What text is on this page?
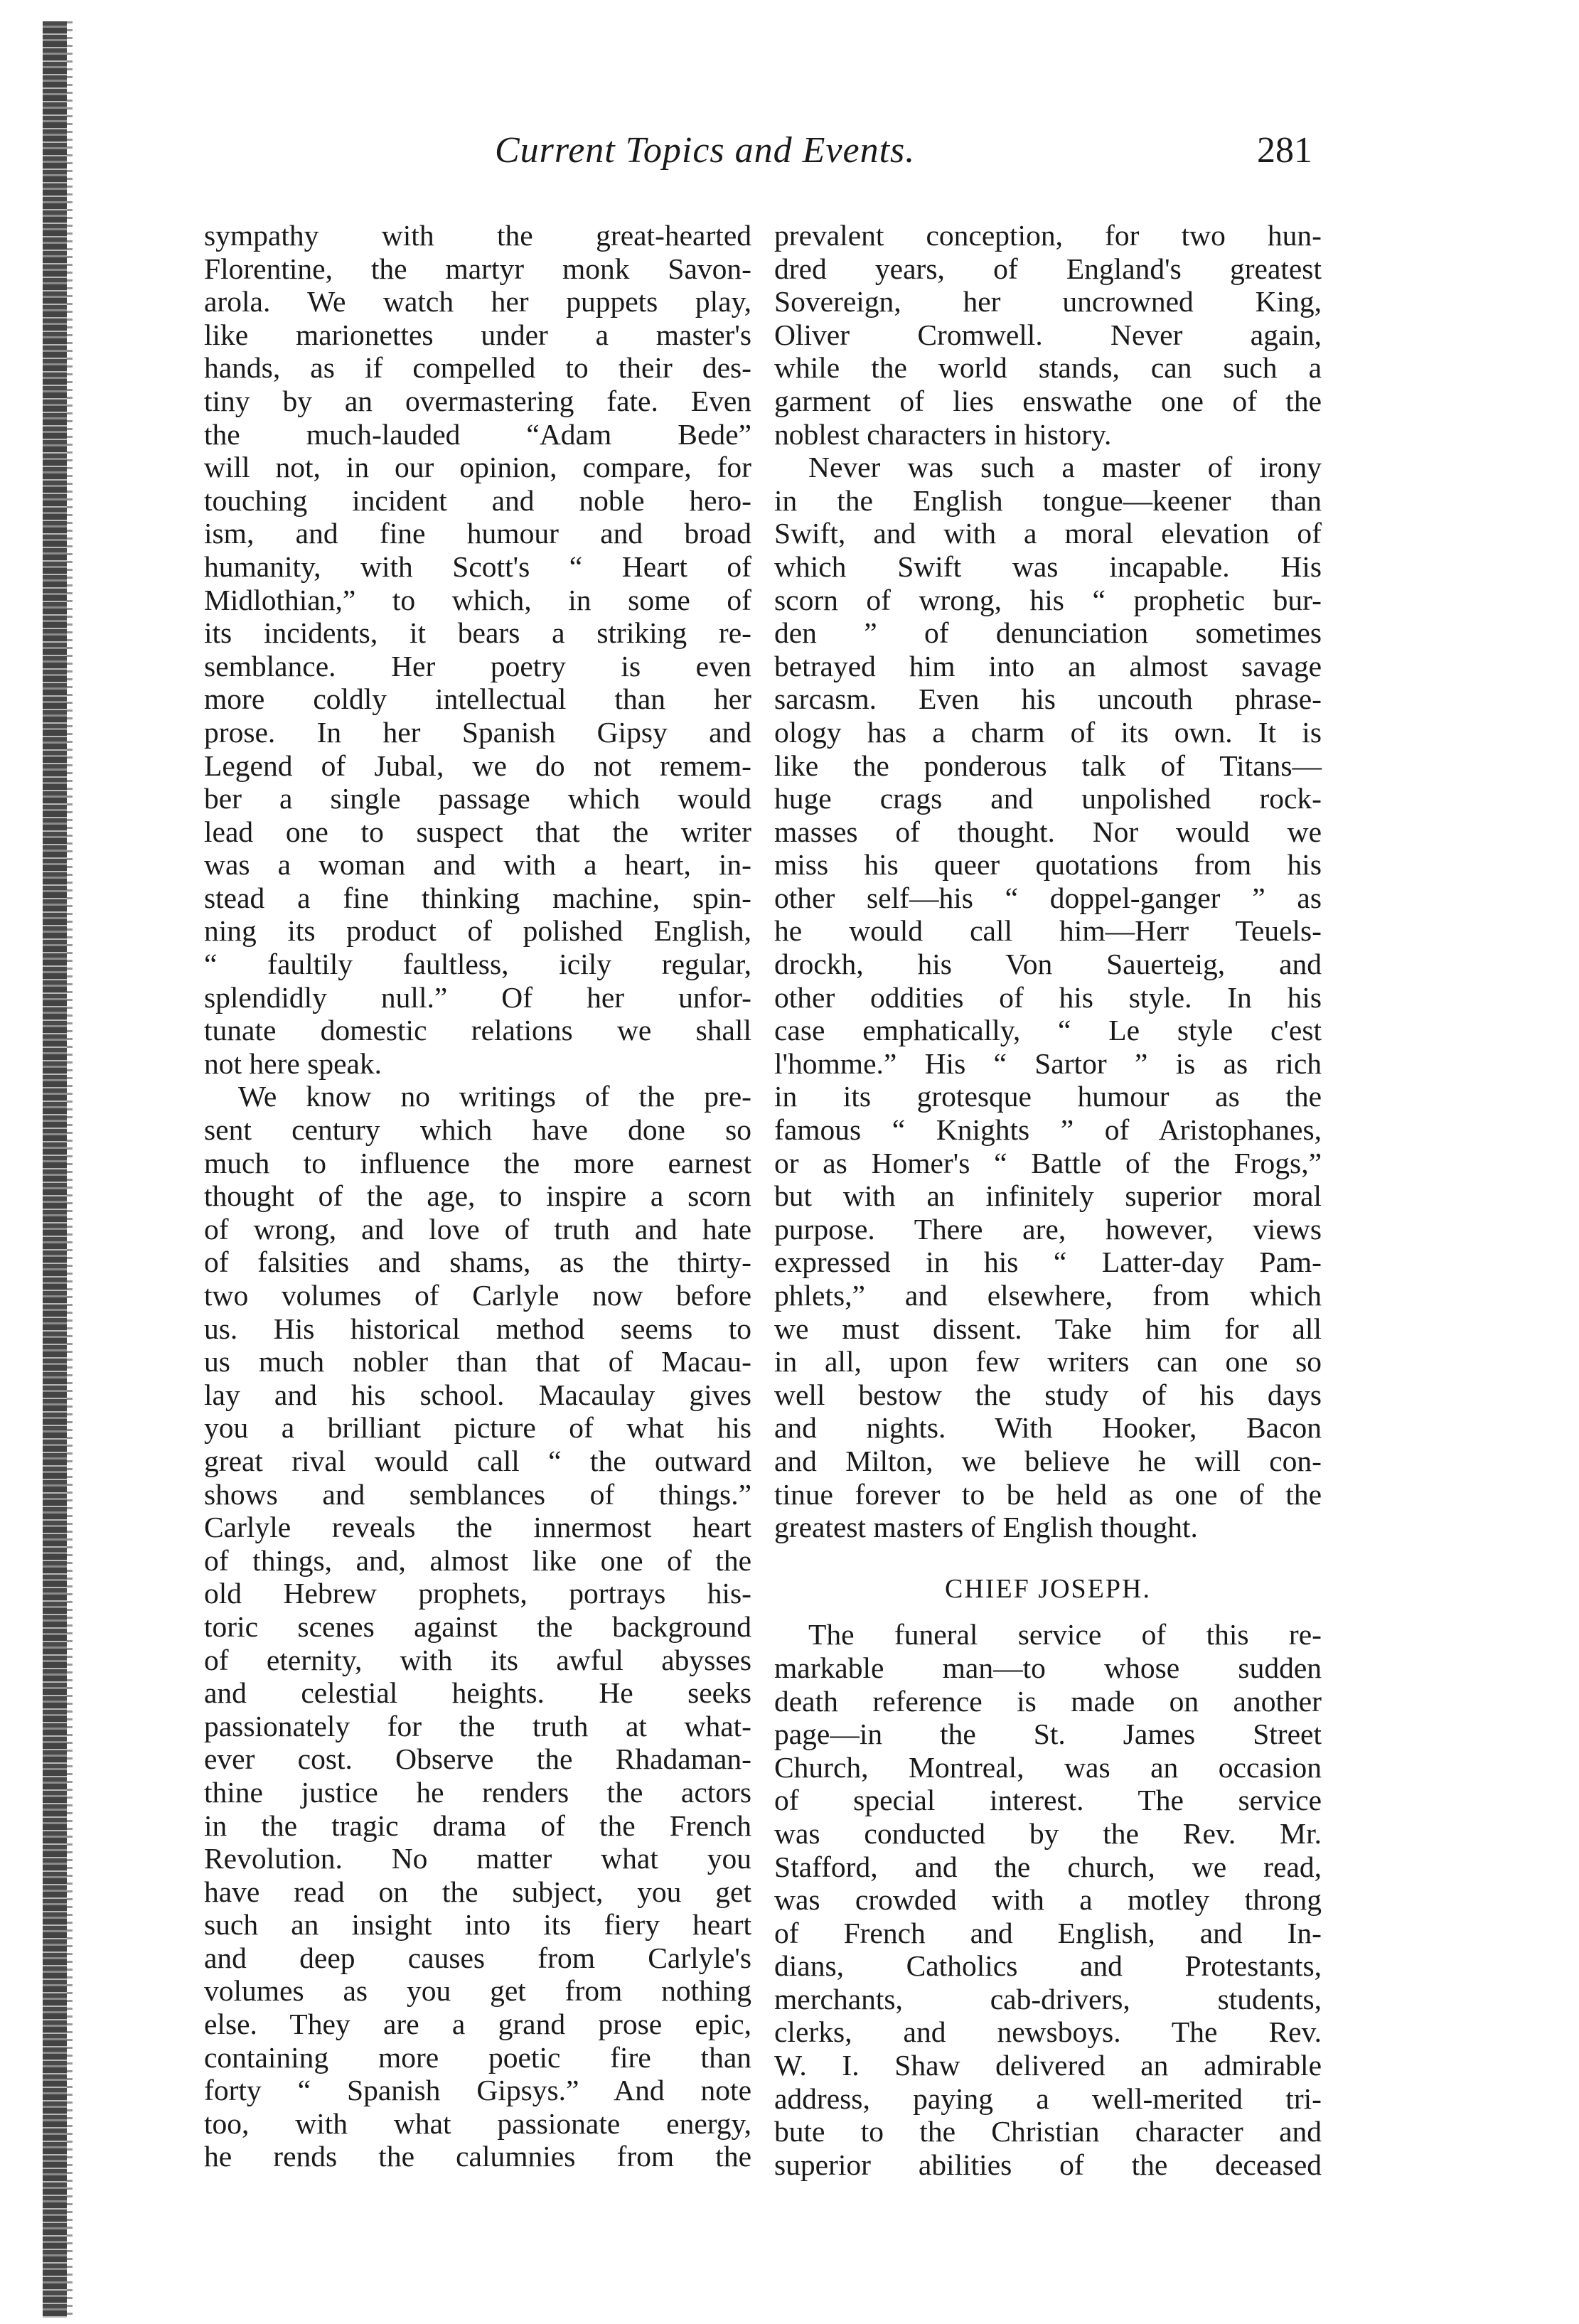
Current Topics and Events.	281
sympathy with the great-hearted
Florentine, the martyr monk Savon-
arola. We watch her puppets play,
like marionettes under a master's
hands, as if compelled to their des-
tiny by an overmastering fate. Even
the much-lauded “Adam Bede”
will not, in our opinion, compare, for
touching incident and noble hero-
ism, and fine humour and broad
humanity, with Scott's “ Heart of
Midlothian,” to which, in some of
its incidents, it bears a striking re-
semblance. Her poetry is even
more coldly intellectual than her
prose. In her Spanish Gipsy and
Legend of Jubal, we do not remem-
ber a single passage which would
lead one to suspect that the writer
was a woman and with a heart, in-
stead a fine thinking machine, spin-
ning its product of polished English,
“ faultily faultless, icily regular,
splendidly null.” Of her unfor-
tunate domestic relations we shall
not here speak.
We know no writings of the pre-
sent century which have done so
much to influence the more earnest
thought of the age, to inspire a scorn
of wrong, and love of truth and hate
of falsities and shams, as the thirty-
two volumes of Carlyle now before
us. His historical method seems to
us much nobler than that of Macau-
lay and his school. Macaulay gives
you a brilliant picture of what his
great rival would call “ the outward
shows and semblances of things.”
Carlyle reveals the innermost heart
of things, and, almost like one of the
old Hebrew prophets, portrays his-
toric scenes against the background
of eternity, with its awful abysses
and celestial heights. He seeks
passionately for the truth at what-
ever cost. Observe the Rhadaman-
thine justice he renders the actors
in the tragic drama of the French
Revolution. No matter what you
have read on the subject, you get
such an insight into its fiery heart
and deep causes from Carlyle's
volumes as you get from nothing
else. They are a grand prose epic,
containing more poetic fire than
forty “ Spanish Gipsys.” And note
too, with what passionate energy,
he rends the calumnies from the
prevalent conception, for two hun-
dred years, of England's greatest
Sovereign, her uncrowned King,
Oliver Cromwell. Never again,
while the world stands, can such a
garment of lies enswathe one of the
noblest characters in history.
Never was such a master of irony
in the English tongue—keener than
Swift, and with a moral elevation of
which Swift was incapable. His
scorn of wrong, his “ prophetic bur-
den ” of denunciation sometimes
betrayed him into an almost savage
sarcasm. Even his uncouth phrase-
ology has a charm of its own. It is
like the ponderous talk of Titans—
huge crags and unpolished rock-
masses of thought. Nor would we
miss his queer quotations from his
other self—his “ doppel-ganger ” as
he would call him—Herr Teuels-
drockh, his Von Sauerteig, and
other oddities of his style. In his
case emphatically, “ Le style c'est
l'homme.” His “ Sartor ” is as rich
in its grotesque humour as the
famous “ Knights ” of Aristophanes,
or as Homer's “ Battle of the Frogs,”
but with an infinitely superior moral
purpose. There are, however, views
expressed in his “ Latter-day Pam-
phlets,” and elsewhere, from which
we must dissent. Take him for all
in all, upon few writers can one so
well bestow the study of his days
and nights. With Hooker, Bacon
and Milton, we believe he will con-
tinue forever to be held as one of the
greatest masters of English thought.
CHIEF JOSEPH.
The funeral service of this re-
markable man—to whose sudden
death reference is made on another
page—in the St. James Street
Church, Montreal, was an occasion
of special interest. The service
was conducted by the Rev. Mr.
Stafford, and the church, we read,
was crowded with a motley throng
of French and English, and In-
dians, Catholics and Protestants,
merchants, cab-drivers, students,
clerks, and newsboys. The Rev.
W. I. Shaw delivered an admirable
address, paying a well-merited tri-
bute to the Christian character and
superior abilities of the deceased
